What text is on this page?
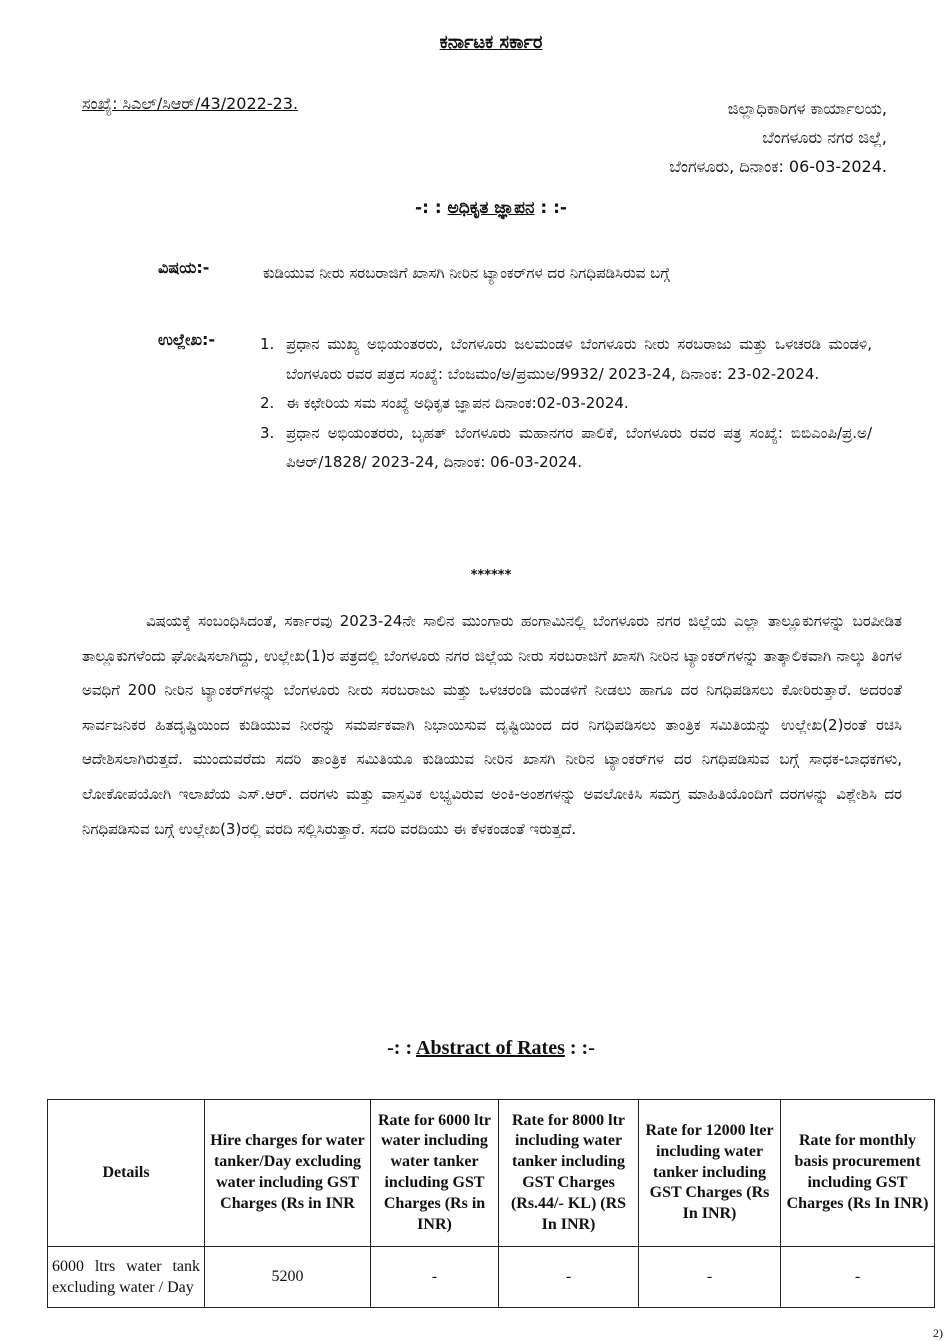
ಕರ್ನಾಟಕ ಸರ್ಕಾರ
ಸಂಖ್ಯೆ: ಸಿಎಲ್/ಸಿಆರ್/43/2022-23.	ಜಿಲ್ಲಾಧಿಕಾರಿಗಳ ಕಾರ್ಯಾಲಯ,
ಬೆಂಗಳೂರು ನಗರ ಜಿಲ್ಲೆ,
ಬೆಂಗಳೂರು, ದಿನಾಂಕ: 06-03-2024.
-: : ಅಧಿಕೃತ ಜ್ಞಾಪನ : :-
ವಿಷಯ:-	ಕುಡಿಯುವ ನೀರು ಸರಬರಾಜಿಗೆ ಖಾಸಗಿ ನೀರಿನ ಟ್ಯಾಂಕರ್‌ಗಳ ದರ ನಿಗಧಿಪಡಿಸಿರುವ ಬಗ್ಗೆ
ಉಲ್ಲೇಖ:-	1. ಪ್ರಧಾನ ಮುಖ್ಯ ಅಭಿಯಂತರರು, ಬೆಂಗಳೂರು ಜಲಮಂಡಳಿ ಬೆಂಗಳೂರು ನೀರು ಸರಬರಾಜು ಮತ್ತು ಒಳಚರಡಿ ಮಂಡಳಿ, ಬೆಂಗಳೂರು ರವರ ಪತ್ರದ ಸಂಖ್ಯೆ: ಬೆಂಜಮಂ/ಅ/ಪ್ರಮುಅ/9932/ 2023-24, ದಿನಾಂಕ: 23-02-2024.
2. ಈ ಕಛೇರಿಯ ಸಮ ಸಂಖ್ಯೆ ಅಧಿಕೃತ ಜ್ಞಾಪನ ದಿನಾಂಕ:02-03-2024.
3. ಪ್ರಧಾನ ಅಭಿಯಂತರರು, ಬೃಹತ್ ಬೆಂಗಳೂರು ಮಹಾನಗರ ಪಾಲಿಕೆ, ಬೆಂಗಳೂರು ರವರ ಪತ್ರ ಸಂಖ್ಯೆ: ಬಿಬಿಎಂಪಿ/ಪ್ರ.ಅ/ಪಿಆರ್/1828/ 2023-24, ದಿನಾಂಕ: 06-03-2024.
******

ವಿಷಯಕ್ಕೆ ಸಂಬಂಧಿಸಿದಂತೆ, ಸರ್ಕಾರವು 2023-24ನೇ ಸಾಲಿನ ಮುಂಗಾರು ಹಂಗಾಮಿನಲ್ಲಿ ಬೆಂಗಳೂರು ನಗರ ಜಿಲ್ಲೆಯ ಎಲ್ಲಾ ತಾಲ್ಲೂಕುಗಳನ್ನು ಬರಪೀಡಿತ ತಾಲ್ಲೂಕುಗಳೆಂದು ಘೋಷಿಸಲಾಗಿದ್ದು, ಉಲ್ಲೇಖ(1)ರ ಪತ್ರದಲ್ಲಿ ಬೆಂಗಳೂರು ನಗರ ಜಿಲ್ಲೆಯ ನೀರು ಸರಬರಾಜಿಗೆ ಖಾಸಗಿ ನೀರಿನ ಟ್ಯಾಂಕರ್‌ಗಳನ್ನು ತಾತ್ಕಾಲಿಕವಾಗಿ ನಾಲ್ಕು ತಿಂಗಳ ಅವಧಿಗೆ 200 ನೀರಿನ ಟ್ಯಾಂಕರ್‌ಗಳನ್ನು ಬೆಂಗಳೂರು ನೀರು ಸರಬರಾಜು ಮತ್ತು ಒಳಚರಂಡಿ ಮಂಡಳಿಗೆ ನೀಡಲು ಹಾಗೂ ದರ ನಿಗಧಿಪಡಿಸಲು ಕೋರಿರುತ್ತಾರೆ. ಅದರಂತೆ ಸಾರ್ವಜನಿಕರ ಹಿತದೃಷ್ಟಿಯಿಂದ ಕುಡಿಯುವ ನೀರನ್ನು ಸಮರ್ಪಕವಾಗಿ ನಿಭಾಯಿಸುವ ದೃಷ್ಟಿಯಿಂದ ದರ ನಿಗಧಿಪಡಿಸಲು ತಾಂತ್ರಿಕ ಸಮಿತಿಯನ್ನು ಉಲ್ಲೇಖ(2)ರಂತೆ ರಚಿಸಿ ಆದೇಶಿಸಲಾಗಿರುತ್ತದೆ. ಮುಂದುವರೆದು ಸದರಿ ತಾಂತ್ರಿಕ ಸಮಿತಿಯೂ ಕುಡಿಯುವ ನೀರಿನ ಖಾಸಗಿ ನೀರಿನ ಟ್ಯಾಂಕರ್‌ಗಳ ದರ ನಿಗಧಿಪಡಿಸುವ ಬಗ್ಗೆ ಸಾಧಕ-ಬಾಧಕಗಳು, ಲೋಕೋಪಯೋಗಿ ಇಲಾಖೆಯ ಎಸ್.ಆರ್. ದರಗಳು ಮತ್ತು ವಾಸ್ತವಿಕ ಲಭ್ಯವಿರುವ ಅಂಕಿ-ಅಂಶಗಳನ್ನು ಅವಲೋಕಿಸಿ ಸಮಗ್ರ ಮಾಹಿತಿಯೊಂದಿಗೆ ದರಗಳನ್ನು ವಿಶ್ಲೇಶಿಸಿ ದರ ನಿಗಧಿಪಡಿಸುವ ಬಗ್ಗೆ ಉಲ್ಲೇಖ(3)ರಲ್ಲಿ ವರದಿ ಸಲ್ಲಿಸಿರುತ್ತಾರೆ. ಸದರಿ ವರದಿಯು ಈ ಕೆಳಕಂಡಂತೆ ಇರುತ್ತದೆ.

-: : Abstract of Rates : :-
Details	Hire charges for water tanker/Day excluding water including GST Charges (Rs in INR	Rate for 6000 ltr water including water tanker including GST Charges (Rs in INR)	Rate for 8000 ltr including water tanker including GST Charges (Rs.44/- KL) (RS In INR)	Rate for 12000 lter including water tanker including GST Charges (Rs In INR)	Rate for monthly basis procurement including GST Charges (Rs In INR)
6000 ltrs water tank excluding water / Day	5200	-	-	-	-
2)
